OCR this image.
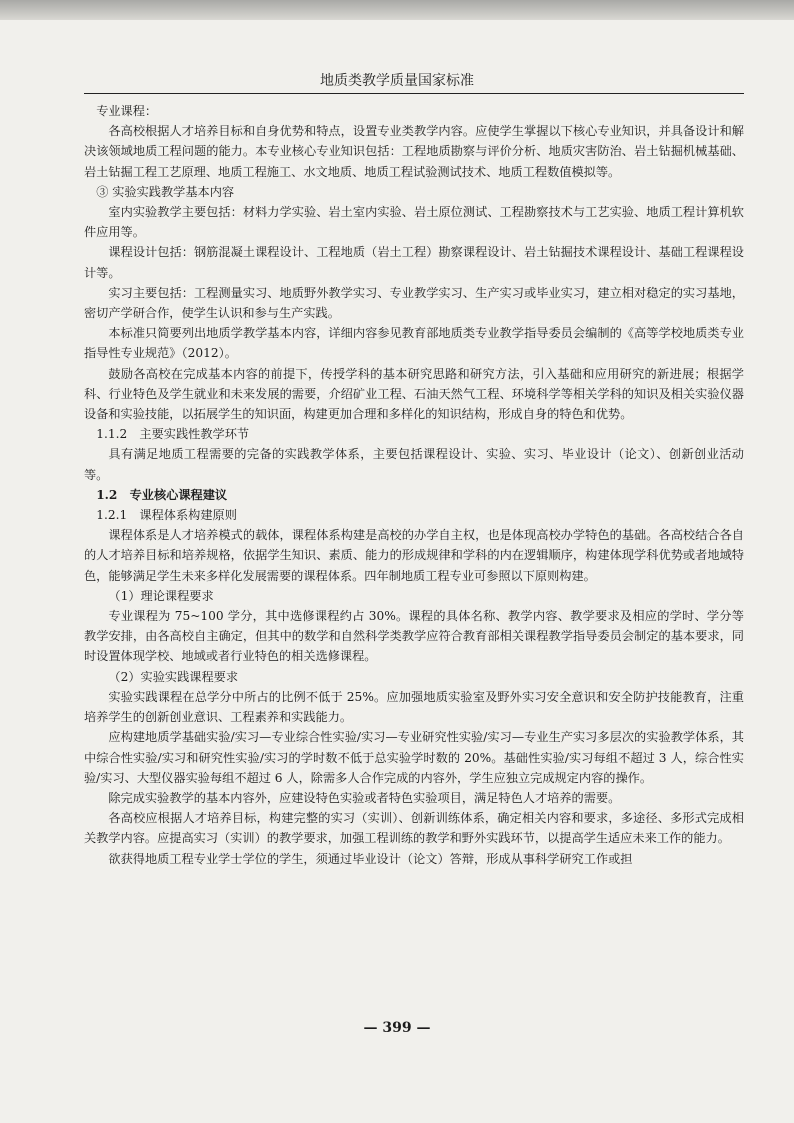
地质类教学质量国家标准

专业课程：

各高校根据人才培养目标和自身优势和特点，设置专业类教学内容。应使学生掌握以下核心专业知识，并具备设计和解决该领域地质工程问题的能力。本专业核心专业知识包括：工程地质勘察与评价分析、地质灾害防治、岩土钻掘机械基础、岩土钻掘工程工艺原理、地质工程施工、水文地质、地质工程试验测试技术、地质工程数值模拟等。

③ 实验实践教学基本内容

室内实验教学主要包括：材料力学实验、岩土室内实验、岩土原位测试、工程勘察技术与工艺实验、地质工程计算机软件应用等。

课程设计包括：钢筋混凝土课程设计、工程地质（岩土工程）勘察课程设计、岩土钻掘技术课程设计、基础工程课程设计等。

实习主要包括：工程测量实习、地质野外教学实习、专业教学实习、生产实习或毕业实习，建立相对稳定的实习基地，密切产学研合作，使学生认识和参与生产实践。

本标准只简要列出地质学教学基本内容，详细内容参见教育部地质类专业教学指导委员会编制的《高等学校地质类专业指导性专业规范》（2012）。

鼓励各高校在完成基本内容的前提下，传授学科的基本研究思路和研究方法，引入基础和应用研究的新进展；根据学科、行业特色及学生就业和未来发展的需要，介绍矿业工程、石油天然气工程、环境科学等相关学科的知识及相关实验仪器设备和实验技能，以拓展学生的知识面，构建更加合理和多样化的知识结构，形成自身的特色和优势。

1.1.2　主要实践性教学环节

具有满足地质工程需要的完备的实践教学体系，主要包括课程设计、实验、实习、毕业设计（论文）、创新创业活动等。

1.2　专业核心课程建议

1.2.1　课程体系构建原则

课程体系是人才培养模式的载体，课程体系构建是高校的办学自主权，也是体现高校办学特色的基础。各高校结合各自的人才培养目标和培养规格，依据学生知识、素质、能力的形成规律和学科的内在逻辑顺序，构建体现学科优势或者地域特色，能够满足学生未来多样化发展需要的课程体系。四年制地质工程专业可参照以下原则构建。

（1）理论课程要求

专业课程为 75~100 学分，其中选修课程约占 30%。课程的具体名称、教学内容、教学要求及相应的学时、学分等教学安排，由各高校自主确定，但其中的数学和自然科学类教学应符合教育部相关课程教学指导委员会制定的基本要求，同时设置体现学校、地域或者行业特色的相关选修课程。

（2）实验实践课程要求

实验实践课程在总学分中所占的比例不低于 25%。应加强地质实验室及野外实习安全意识和安全防护技能教育，注重培养学生的创新创业意识、工程素养和实践能力。

应构建地质学基础实验/实习—专业综合性实验/实习—专业研究性实验/实习—专业生产实习多层次的实验教学体系，其中综合性实验/实习和研究性实验/实习的学时数不低于总实验学时数的 20%。基础性实验/实习每组不超过 3 人，综合性实验/实习、大型仪器实验每组不超过 6 人，除需多人合作完成的内容外，学生应独立完成规定内容的操作。

除完成实验教学的基本内容外，应建设特色实验或者特色实验项目，满足特色人才培养的需要。

各高校应根据人才培养目标，构建完整的实习（实训）、创新训练体系，确定相关内容和要求，多途径、多形式完成相关教学内容。应提高实习（实训）的教学要求，加强工程训练的教学和野外实践环节，以提高学生适应未来工作的能力。

欲获得地质工程专业学士学位的学生，须通过毕业设计（论文）答辩，形成从事科学研究工作或担

— 399 —
